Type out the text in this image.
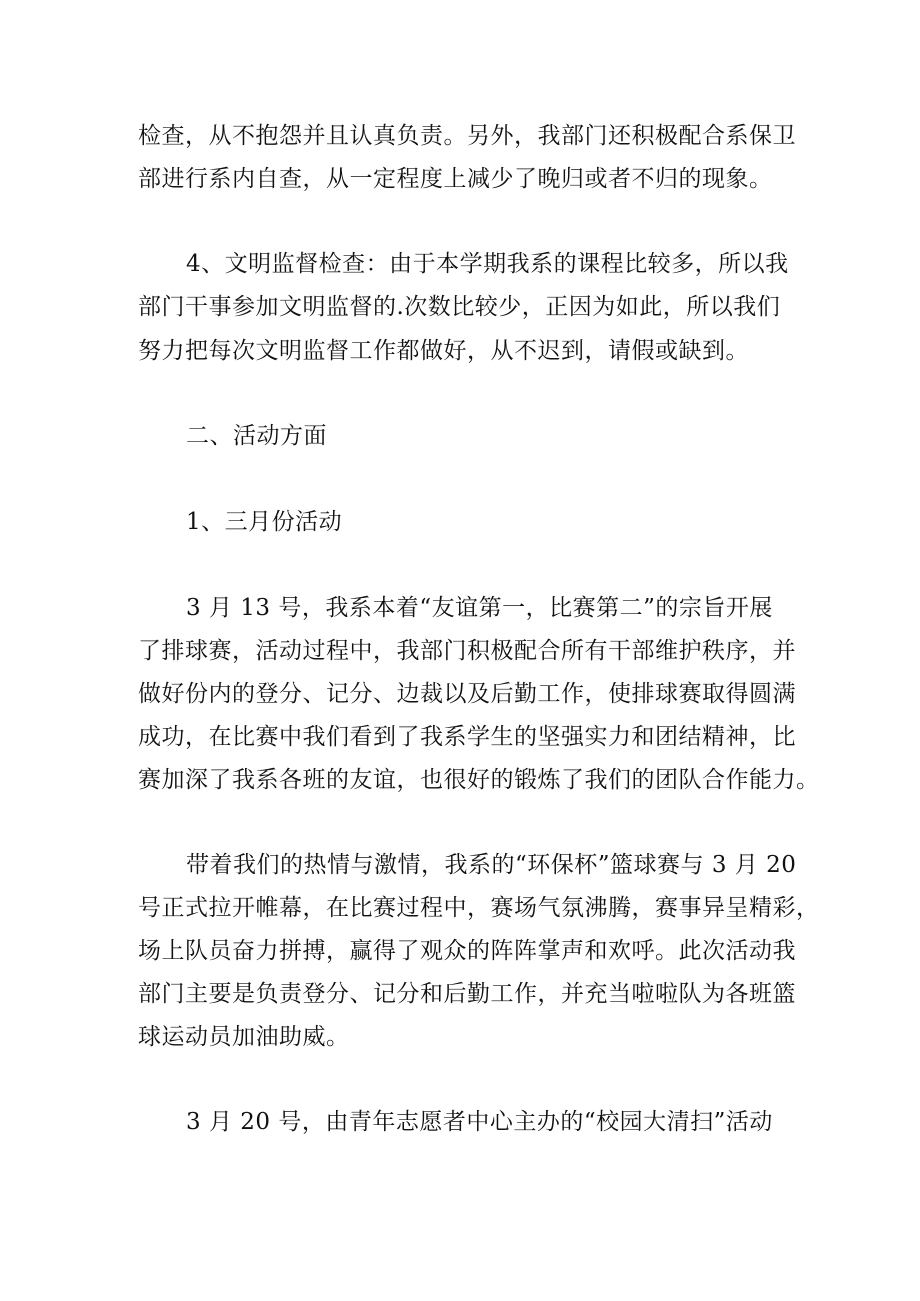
检查，从不抱怨并且认真负责。另外，我部门还积极配合系保卫
部进行系内自查，从一定程度上减少了晚归或者不归的现象。
4、文明监督检查：由于本学期我系的课程比较多，所以我
部门干事参加文明监督的.次数比较少，正因为如此，所以我们
努力把每次文明监督工作都做好，从不迟到，请假或缺到。
二、活动方面
1、三月份活动
3 月 13 号，我系本着“友谊第一，比赛第二”的宗旨开展
了排球赛，活动过程中，我部门积极配合所有干部维护秩序，并
做好份内的登分、记分、边裁以及后勤工作，使排球赛取得圆满
成功，在比赛中我们看到了我系学生的坚强实力和团结精神，比
赛加深了我系各班的友谊，也很好的锻炼了我们的团队合作能力。
带着我们的热情与激情，我系的“环保杯”篮球赛与 3 月 20
号正式拉开帷幕，在比赛过程中，赛场气氛沸腾，赛事异呈精彩，
场上队员奋力拼搏，赢得了观众的阵阵掌声和欢呼。此次活动我
部门主要是负责登分、记分和后勤工作，并充当啦啦队为各班篮
球运动员加油助威。
3 月 20 号，由青年志愿者中心主办的“校园大清扫”活动
